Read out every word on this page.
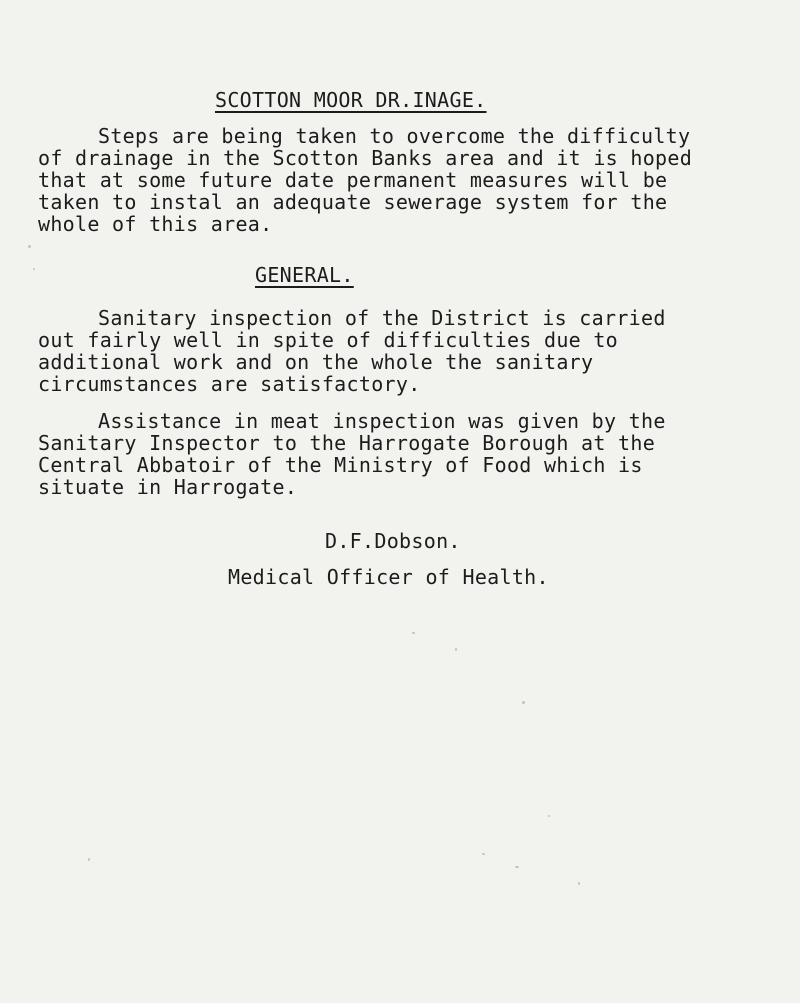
SCOTTON MOOR DR.INAGE.
Steps are being taken to overcome the difficulty
of drainage in the Scotton Banks area and it is hoped
that at some future date permanent measures will be
taken to instal an adequate sewerage system for the
whole of this area.
GENERAL.
Sanitary inspection of the District is carried
out fairly well in spite of difficulties due to
additional work and on the whole the sanitary
circumstances are satisfactory.
Assistance in meat inspection was given by the
Sanitary Inspector to the Harrogate Borough at the
Central Abbatoir of the Ministry of Food which is
situate in Harrogate.
D.F.Dobson.
Medical Officer of Health.
